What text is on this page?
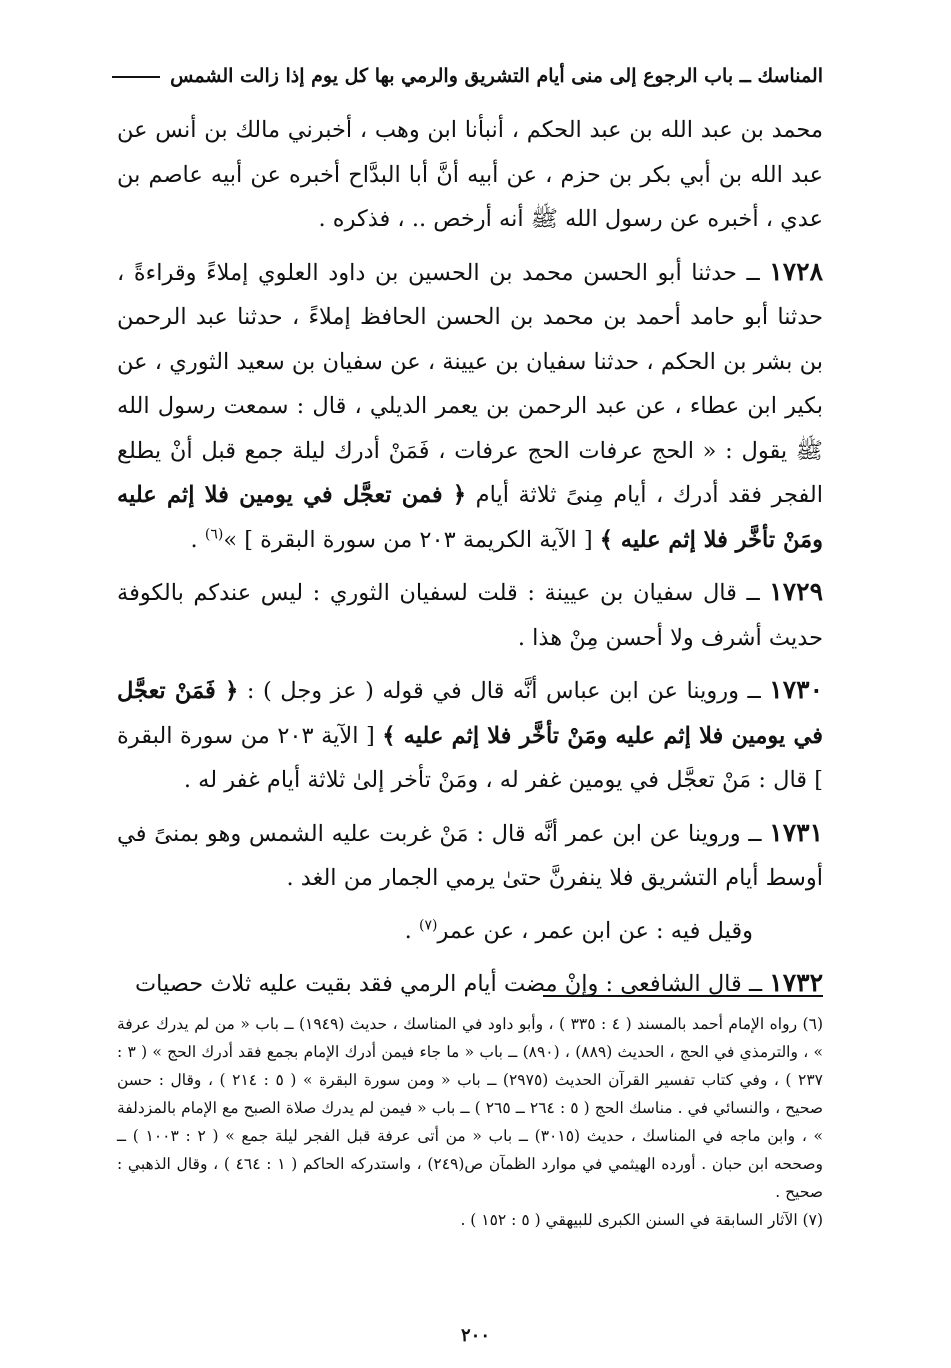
المناسك ــ باب الرجوع إلى منى أيام التشريق والرمي بها كل يوم إذا زالت الشمس

محمد بن عبد الله بن عبد الحكم ، أنبأنا ابن وهب ، أخبرني مالك بن أنس عن عبد الله بن أبي بكر بن حزم ، عن أبيه أنَّ أبا البدَّاح أخبره عن أبيه عاصم بن عدي ، أخبره عن رسول الله ﷺ أنه أرخص .. ، فذكره .

١٧٢٨ ــ حدثنا أبو الحسن محمد بن الحسين بن داود العلوي إملاءً وقراءةً ، حدثنا أبو حامد أحمد بن محمد بن الحسن الحافظ إملاءً ، حدثنا عبد الرحمن بن بشر بن الحكم ، حدثنا سفيان بن عيينة ، عن سفيان بن سعيد الثوري ، عن بكير ابن عطاء ، عن عبد الرحمن بن يعمر الديلي ، قال : سمعت رسول الله ﷺ يقول : « الحج عرفات الحج عرفات ، فَمَنْ أدرك ليلة جمع قبل أنْ يطلع الفجر فقد أدرك ، أيام مِنىً ثلاثة أيام ﴿ فمن تعجَّل في يومين فلا إثم عليه ومَنْ تأخَّر فلا إثم عليه ﴾ [ الآية الكريمة ٢٠٣ من سورة البقرة ] »$^{(٦)}$ .

١٧٢٩ ــ قال سفيان بن عيينة : قلت لسفيان الثوري : ليس عندكم بالكوفة حديث أشرف ولا أحسن مِنْ هذا .

١٧٣٠ ــ وروينا عن ابن عباس أنَّه قال في قوله ( عز وجل ) : ﴿ فَمَنْ تعجَّل في يومين فلا إثم عليه ومَنْ تأخَّر فلا إثم عليه ﴾ [ الآية ٢٠٣ من سورة البقرة ] قال : مَنْ تعجَّل في يومين غفر له ، ومَنْ تأخر إلىٰ ثلاثة أيام غفر له .

١٧٣١ ــ وروينا عن ابن عمر أنَّه قال : مَنْ غربت عليه الشمس وهو بمنىً في أوسط أيام التشريق فلا ينفرنَّ حتىٰ يرمي الجمار من الغد .

وقيل فيه : عن ابن عمر ، عن عمر$^{(٧)}$ .

١٧٣٢ ــ قال الشافعي : وإنْ مضت أيام الرمي فقد بقيت عليه ثلاث حصيات

(٦) رواه الإمام أحمد بالمسند ( ٤ : ٣٣٥ ) ، وأبو داود في المناسك ، حديث (١٩٤٩) ــ باب « من لم يدرك عرفة » ، والترمذي في الحج ، الحديث (٨٨٩) ، (٨٩٠) ــ باب « ما جاء فيمن أدرك الإمام بجمع فقد أدرك الحج » ( ٣ : ٢٣٧ ) ، وفي كتاب تفسير القرآن الحديث (٢٩٧٥) ــ باب « ومن سورة البقرة » ( ٥ : ٢١٤ ) ، وقال : حسن صحيح ، والنسائي في . مناسك الحج ( ٥ : ٢٦٤ ــ ٢٦٥ ) ــ باب « فيمن لم يدرك صلاة الصبح مع الإمام بالمزدلفة » ، وابن ماجه في المناسك ، حديث (٣٠١٥) ــ باب « من أتى عرفة قبل الفجر ليلة جمع » ( ٢ : ١٠٠٣ ) ــ وصححه ابن حبان . أورده الهيثمي في موارد الظمآن ص(٢٤٩) ، واستدركه الحاكم ( ١ : ٤٦٤ ) ، وقال الذهبي : صحيح .

(٧) الآثار السابقة في السنن الكبرى للبيهقي ( ٥ : ١٥٢ ) .

٢٠٠
